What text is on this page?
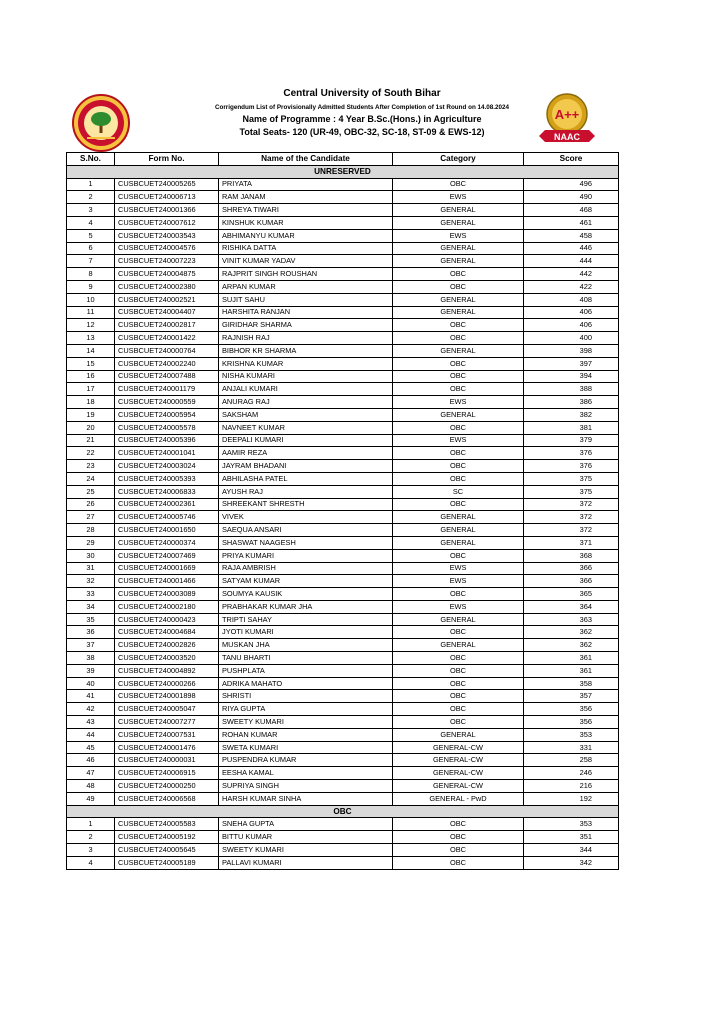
A++
NAAC
Central University of South Bihar
Corrigendum List of Provisionally Admitted Students After Completion of 1st Round on 14.08.2024
Name of Programme : 4 Year B.Sc.(Hons.) in Agriculture
Total Seats- 120 (UR-49, OBC-32, SC-18, ST-09 & EWS-12)
S.No.	Form No.	Name of the Candidate	Category	Score
UNRESERVED				
1	CUSBCUET240005265	PRIYATA	OBC	496
2	CUSBCUET240006713	RAM JANAM	EWS	490
3	CUSBCUET240001366	SHREYA TIWARI	GENERAL	468
4	CUSBCUET240007612	KINSHUK KUMAR	GENERAL	461
5	CUSBCUET240003543	ABHIMANYU KUMAR	EWS	458
6	CUSBCUET240004576	RISHIKA DATTA	GENERAL	446
7	CUSBCUET240007223	VINIT KUMAR YADAV	GENERAL	444
8	CUSBCUET240004875	RAJPRIT SINGH ROUSHAN	OBC	442
9	CUSBCUET240002380	ARPAN KUMAR	OBC	422
10	CUSBCUET240002521	SUJIT SAHU	GENERAL	408
11	CUSBCUET240004407	HARSHITA RANJAN	GENERAL	406
12	CUSBCUET240002817	GIRIDHAR SHARMA	OBC	406
13	CUSBCUET240001422	RAJNISH RAJ	OBC	400
14	CUSBCUET240000764	BIBHOR KR SHARMA	GENERAL	398
15	CUSBCUET240002240	KRISHNA KUMAR	OBC	397
16	CUSBCUET240007488	NISHA KUMARI	OBC	394
17	CUSBCUET240001179	ANJALI KUMARI	OBC	388
18	CUSBCUET240000559	ANURAG RAJ	EWS	386
19	CUSBCUET240005954	SAKSHAM	GENERAL	382
20	CUSBCUET240005578	NAVNEET KUMAR	OBC	381
21	CUSBCUET240005396	DEEPALI KUMARI	EWS	379
22	CUSBCUET240001041	AAMIR REZA	OBC	376
23	CUSBCUET240003024	JAYRAM BHADANI	OBC	376
24	CUSBCUET240005393	ABHILASHA PATEL	OBC	375
25	CUSBCUET240006833	AYUSH RAJ	SC	375
26	CUSBCUET240002361	SHREEKANT SHRESTH	OBC	372
27	CUSBCUET240005746	VIVEK	GENERAL	372
28	CUSBCUET240001650	SAEQUA ANSARI	GENERAL	372
29	CUSBCUET240000374	SHASWAT NAAGESH	GENERAL	371
30	CUSBCUET240007469	PRIYA KUMARI	OBC	368
31	CUSBCUET240001669	RAJA AMBRISH	EWS	366
32	CUSBCUET240001466	SATYAM KUMAR	EWS	366
33	CUSBCUET240003089	SOUMYA KAUSIK	OBC	365
34	CUSBCUET240002180	PRABHAKAR KUMAR JHA	EWS	364
35	CUSBCUET240000423	TRIPTI SAHAY	GENERAL	363
36	CUSBCUET240004684	JYOTI KUMARI	OBC	362
37	CUSBCUET240002826	MUSKAN JHA	GENERAL	362
38	CUSBCUET240003520	TANU BHARTI	OBC	361
39	CUSBCUET240004892	PUSHPLATA	OBC	361
40	CUSBCUET240000266	ADRIKA MAHATO	OBC	358
41	CUSBCUET240001898	SHRISTI	OBC	357
42	CUSBCUET240005047	RIYA GUPTA	OBC	356
43	CUSBCUET240007277	SWEETY KUMARI	OBC	356
44	CUSBCUET240007531	ROHAN KUMAR	GENERAL	353
45	CUSBCUET240001476	SWETA KUMARI	GENERAL-CW	331
46	CUSBCUET240000031	PUSPENDRA KUMAR	GENERAL-CW	258
47	CUSBCUET240006915	EESHA KAMAL	GENERAL-CW	246
48	CUSBCUET240000250	SUPRIYA SINGH	GENERAL-CW	216
49	CUSBCUET240006568	HARSH KUMAR SINHA	GENERAL - PwD	192
OBC				
1	CUSBCUET240005583	SNEHA GUPTA	OBC	353
2	CUSBCUET240005192	BITTU KUMAR	OBC	351
3	CUSBCUET240005645	SWEETY KUMARI	OBC	344
4	CUSBCUET240005189	PALLAVI KUMARI	OBC	342
